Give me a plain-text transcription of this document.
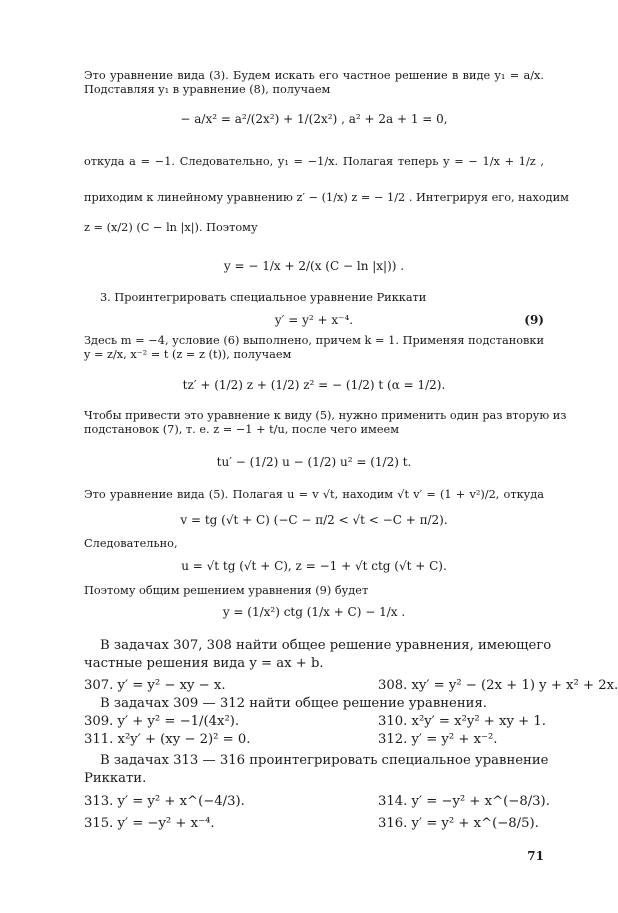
Это уравнение вида (3). Будем искать его частное решение в виде y₁ = a/x.
Подставляя y₁ в уравнение (8), получаем
− a/x² = a²/(2x²) + 1/(2x²) , a² + 2a + 1 = 0,
откуда a = −1. Следовательно, y₁ = −1/x. Полагая теперь y = − 1/x + 1/z ,
приходим к линейному уравнению z′ − (1/x) z = − 1/2 . Интегрируя его, находим
z = (x/2) (C − ln |x|). Поэтому
y = − 1/x + 2/(x (C − ln |x|)) .
3. Проинтегрировать специальное уравнение Риккати
y′ = y² + x⁻⁴.	(9)
Здесь m = −4, условие (6) выполнено, причем k = 1. Применяя подстановки
y = z/x, x⁻² = t (z = z (t)), получаем
tz′ + (1/2) z + (1/2) z² = − (1/2) t (α = 1/2).
Чтобы привести это уравнение к виду (5), нужно применить один раз вторую из
подстановок (7), т. е. z = −1 + t/u, после чего имеем
tu′ − (1/2) u − (1/2) u² = (1/2) t.
Это уравнение вида (5). Полагая u = v √t, находим √t v′ = (1 + v²)/2, откуда
v = tg (√t + C) (−C − π/2 < √t < −C + π/2).
Следовательно,
u = √t tg (√t + C), z = −1 + √t ctg (√t + C).
Поэтому общим решением уравнения (9) будет
y = (1/x²) ctg (1/x + C) − 1/x .
В задачах 307, 308 найти общее решение уравнения, имеющего
частные решения вида y = ax + b.
307. y′ = y² − xy − x.	308. xy′ = y² − (2x + 1) y + x² + 2x.
В задачах 309 — 312 найти общее решение уравнения.
309. y′ + y² = −1/(4x²).	310. x²y′ = x²y² + xy + 1.
311. x²y′ + (xy − 2)² = 0.	312. y′ = y² + x⁻².
В задачах 313 — 316 проинтегрировать специальное уравнение
Риккати.
313. y′ = y² + x^(−4/3).	314. y′ = −y² + x^(−8/3).
315. y′ = −y² + x⁻⁴.	316. y′ = y² + x^(−8/5).
71
